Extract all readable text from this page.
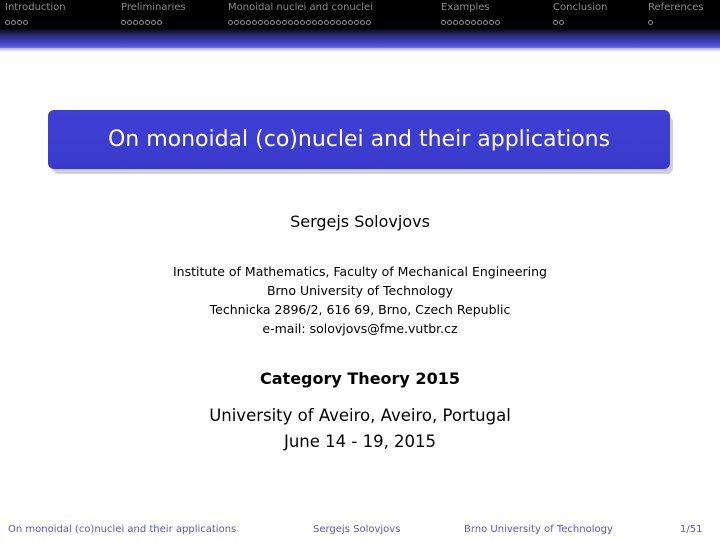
Introduction	Preliminaries	Monoidal nuclei and conuclei	Examples	Conclusion	References
On monoidal (co)nuclei and their applications
Sergejs Solovjovs
Institute of Mathematics, Faculty of Mechanical Engineering
Brno University of Technology
Technicka 2896/2, 616 69, Brno, Czech Republic
e-mail: solovjovs@fme.vutbr.cz
Category Theory 2015
University of Aveiro, Aveiro, Portugal
June 14 - 19, 2015
On monoidal (co)nuclei and their applications	Sergejs Solovjovs	Brno University of Technology	1/51
